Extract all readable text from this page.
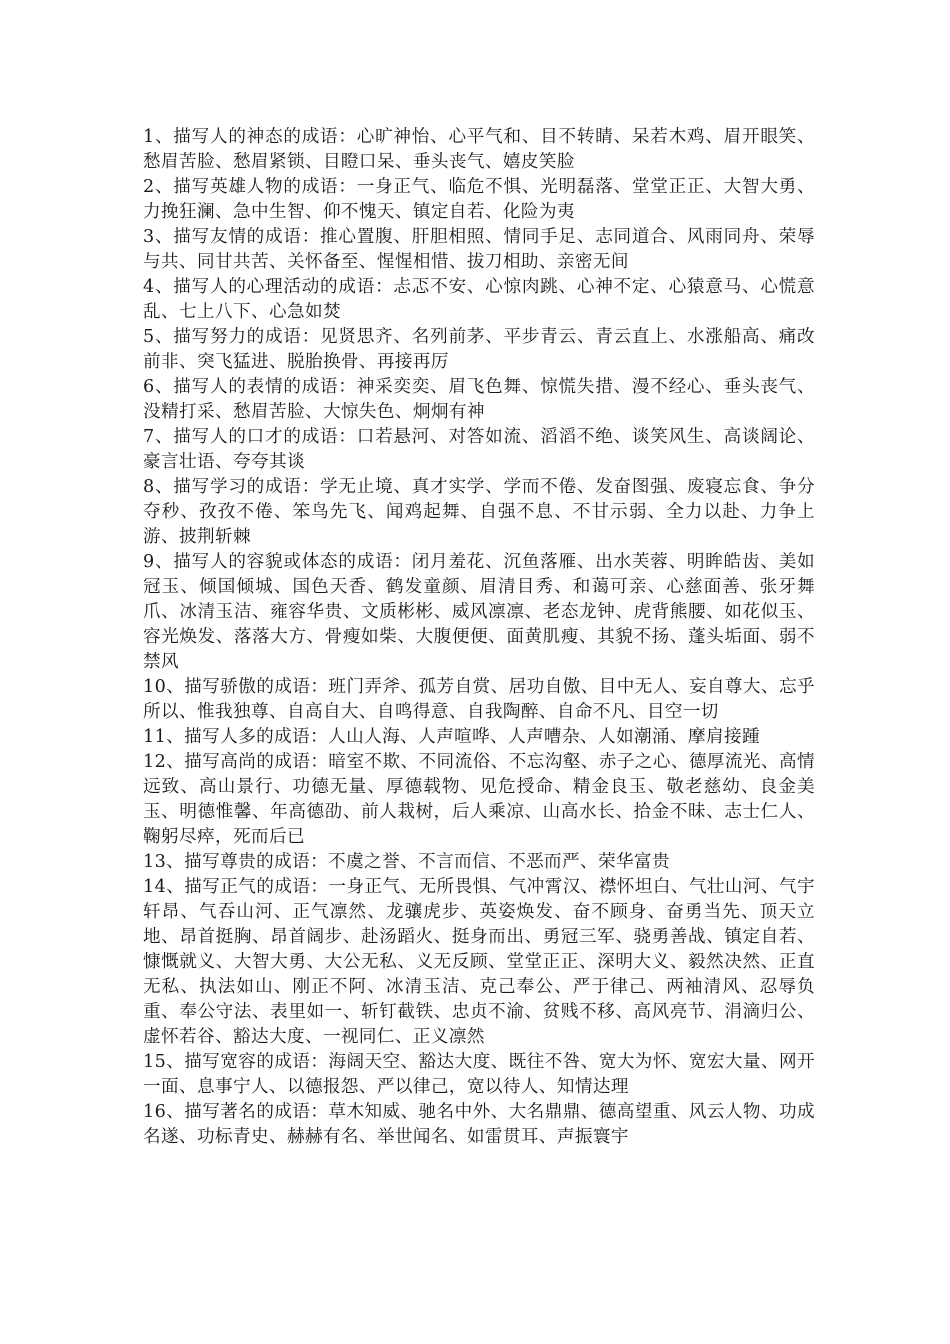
1、描写人的神态的成语：心旷神怡、心平气和、目不转睛、呆若木鸡、眉开眼笑、愁眉苦脸、愁眉紧锁、目瞪口呆、垂头丧气、嬉皮笑脸

2、描写英雄人物的成语：一身正气、临危不惧、光明磊落、堂堂正正、大智大勇、力挽狂澜、急中生智、仰不愧天、镇定自若、化险为夷

3、描写友情的成语：推心置腹、肝胆相照、情同手足、志同道合、风雨同舟、荣辱与共、同甘共苦、关怀备至、惺惺相惜、拔刀相助、亲密无间

4、描写人的心理活动的成语：忐忑不安、心惊肉跳、心神不定、心猿意马、心慌意乱、七上八下、心急如焚

5、描写努力的成语：见贤思齐、名列前茅、平步青云、青云直上、水涨船高、痛改前非、突飞猛进、脱胎换骨、再接再厉

6、描写人的表情的成语：神采奕奕、眉飞色舞、惊慌失措、漫不经心、垂头丧气、没精打采、愁眉苦脸、大惊失色、炯炯有神

7、描写人的口才的成语：口若悬河、对答如流、滔滔不绝、谈笑风生、高谈阔论、豪言壮语、夸夸其谈

8、描写学习的成语：学无止境、真才实学、学而不倦、发奋图强、废寝忘食、争分夺秒、孜孜不倦、笨鸟先飞、闻鸡起舞、自强不息、不甘示弱、全力以赴、力争上游、披荆斩棘

9、描写人的容貌或体态的成语：闭月羞花、沉鱼落雁、出水芙蓉、明眸皓齿、美如冠玉、倾国倾城、国色天香、鹤发童颜、眉清目秀、和蔼可亲、心慈面善、张牙舞爪、冰清玉洁、雍容华贵、文质彬彬、威风凛凛、老态龙钟、虎背熊腰、如花似玉、容光焕发、落落大方、骨瘦如柴、大腹便便、面黄肌瘦、其貌不扬、蓬头垢面、弱不禁风

10、描写骄傲的成语：班门弄斧、孤芳自赏、居功自傲、目中无人、妄自尊大、忘乎所以、惟我独尊、自高自大、自鸣得意、自我陶醉、自命不凡、目空一切

11、描写人多的成语：人山人海、人声喧哗、人声嘈杂、人如潮涌、摩肩接踵

12、描写高尚的成语：暗室不欺、不同流俗、不忘沟壑、赤子之心、德厚流光、高情远致、高山景行、功德无量、厚德载物、见危授命、精金良玉、敬老慈幼、良金美玉、明德惟馨、年高德劭、前人栽树，后人乘凉、山高水长、拾金不昧、志士仁人、鞠躬尽瘁，死而后已

13、描写尊贵的成语：不虞之誉、不言而信、不恶而严、荣华富贵

14、描写正气的成语：一身正气、无所畏惧、气冲霄汉、襟怀坦白、气壮山河、气宇轩昂、气吞山河、正气凛然、龙骧虎步、英姿焕发、奋不顾身、奋勇当先、顶天立地、昂首挺胸、昂首阔步、赴汤蹈火、挺身而出、勇冠三军、骁勇善战、镇定自若、慷慨就义、大智大勇、大公无私、义无反顾、堂堂正正、深明大义、毅然决然、正直无私、执法如山、刚正不阿、冰清玉洁、克己奉公、严于律己、两袖清风、忍辱负重、奉公守法、表里如一、斩钉截铁、忠贞不渝、贫贱不移、高风亮节、涓滴归公、虚怀若谷、豁达大度、一视同仁、正义凛然

15、描写宽容的成语：海阔天空、豁达大度、既往不咎、宽大为怀、宽宏大量、网开一面、息事宁人、以德报怨、严以律己，宽以待人、知情达理

16、描写著名的成语：草木知威、驰名中外、大名鼎鼎、德高望重、风云人物、功成名遂、功标青史、赫赫有名、举世闻名、如雷贯耳、声振寰宇
